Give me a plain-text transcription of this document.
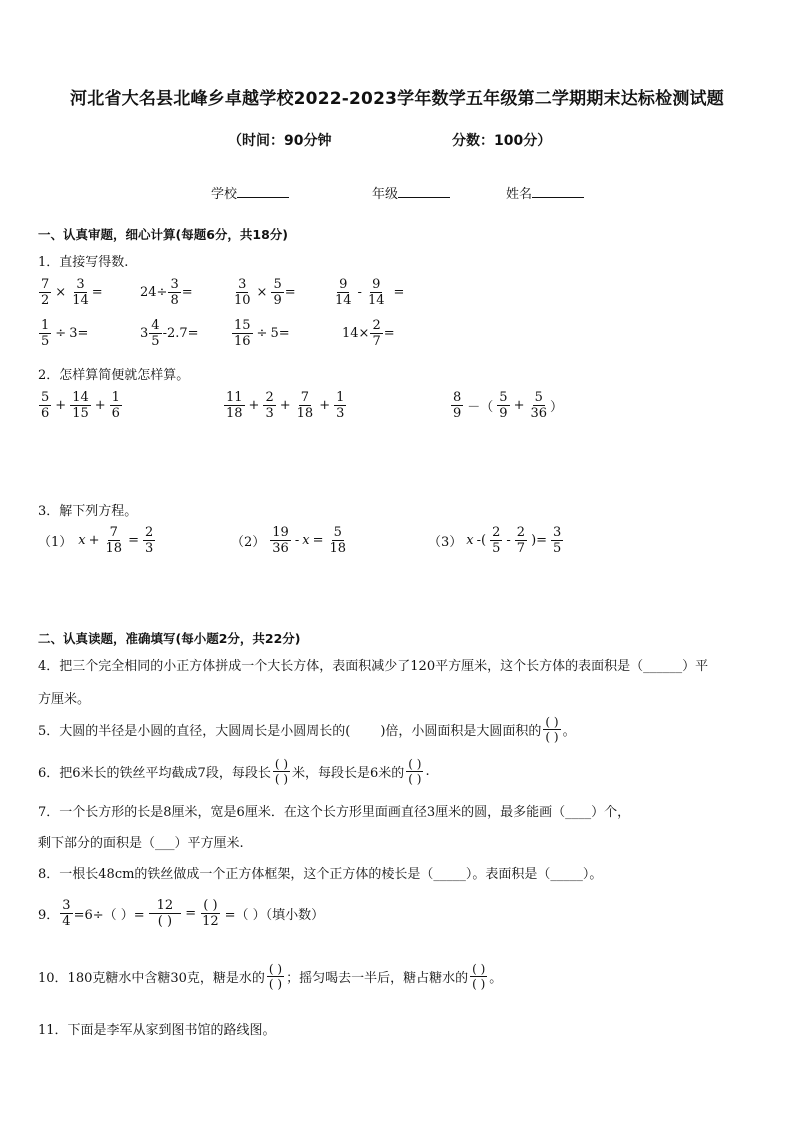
河北省大名县北峰乡卓越学校2022-2023学年数学五年级第二学期期末达标检测试题
（时间：90分钟	分数：100分）
学校	年级	姓名
一、认真审题，细心计算(每题6分，共18分)
1．直接写得数.
$\frac{7}{2} \times \frac{3}{14}$ =	$24\div \frac{3}{8}$ =	$\frac{3}{10} \times \frac{5}{9}$ =	$\frac{9}{14} - \frac{9}{14}$ =
$\frac{1}{5} \div 3=$	$3 \frac{4}{5} -2.7=$	$\frac{15}{16} \div 5=$	$14\times \frac{2}{7}$ =
2．怎样算简便就怎样算。
$\frac{5}{6} + \frac{14}{15} + \frac{1}{6}$	$\frac{11}{18} + \frac{2}{3} + \frac{7}{18} + \frac{1}{3}$	$\frac{8}{9}$ －（ $\frac{5}{9} + \frac{5}{36}$ ）
3．解下列方程。
（1） $x + \frac{7}{18} = \frac{2}{3}$	$(2) \frac{19}{36} - x = \frac{5}{18}$	（3） x -( $\frac{2}{5} - \frac{2}{7}$ )= $\frac{3}{5}$
二、认真读题，准确填写(每小题2分，共22分)
4．把三个完全相同的小正方体拼成一个大长方体，表面积减少了120平方厘米，这个长方体的表面积是（______）平
方厘米。
5．大圆的半径是小圆的直径，大圆周长是小圆周长的( )倍，小圆面积是大圆面积的 $\frac{( )}{( )}$ 。
6．把6米长的铁丝平均截成7段，每段长 $\frac{( )}{( )}$ 米，每段长是6米的 $\frac{( )}{( )}$ .
7．一个长方形的长是8厘米，宽是6厘米．在这个长方形里面画直径3厘米的圆，最多能画（____）个，
剩下部分的面积是（___）平方厘米.
8．一根长48cm的铁丝做成一个正方体框架，这个正方体的棱长是（_____）。表面积是（_____）。
9． $\frac{3}{4} =6\div$（ ）= $\frac{12}{( )} = \frac{( )}{12}$ =（ ）（填小数）
10．180克糖水中含糖30克，糖是水的 $\frac{( )}{( )}$ ；摇匀喝去一半后，糖占糖水的 $\frac{( )}{( )}$ 。
11．下面是李军从家到图书馆的路线图。
